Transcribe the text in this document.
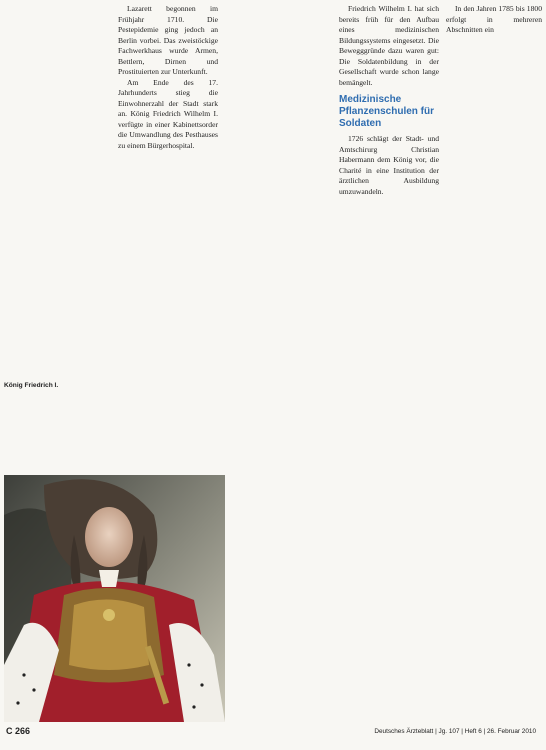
Lazarett begonnen im Frühjahr 1710. Die Pestepidemie ging jedoch an Berlin vorbei. Das zweistöckige Fachwerkhaus wurde Armen, Bettlern, Dirnen und Prostituierten zur Unterkunft.

Am Ende des 17. Jahrhunderts stieg die Einwohnerzahl der Stadt stark an. König Friedrich Wilhelm I. verfügte in einer Kabinettsorder die Umwandlung des Pesthauses zu einem Bürgerhospital.

Friedrich Wilhelm I. hat sich bereits früh für den Aufbau eines medizinischen Bildungssystems eingesetzt. Die Bewegggründe dazu waren gut: Die Soldatenbildung in der Gesellschaft wurde schon lange bemängelt.

Medizinische Pflanzenschulen für Soldaten

1726 schlägt der Stadt- und Amtschirurg Christian Habermann dem König vor, die Charité in eine Institution der ärztlichen Ausbildung umzuwandeln.

In den Jahren 1785 bis 1800 erfolgt in mehreren Abschnitten ein

König Friedrich I.
C 266	Deutsches Ärzteblatt | Jg. 107 | Heft 6 | 26. Februar 2010
